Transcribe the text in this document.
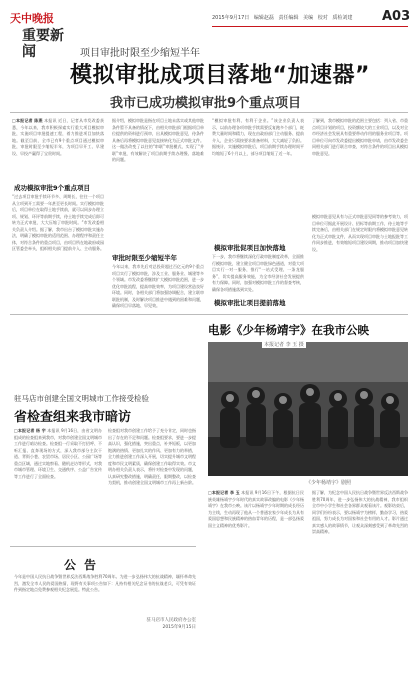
天中晚报
重要新闻
2015年9月17日 编辑赵磊 责任编辑 美编 校对 质检刘建	A03
项目审批时限至少缩短半年
模拟审批成项目落地“加速器”
我市已成功模拟审批9个重点项目
□本报记者 陈燕 本报讯 近日，记者从市发改委获悉，今年以来，我市积极探索实行重大项目模拟审批，实施项目审批提速工程，着力推进项目加快落地。截至目前，全市已有9个重点项目通过模拟审批，审批时限至少缩短半年，为项目早开工、早建设、早投产赢得了宝贵时间。
成功模拟审批9个重点项目
“过去项目审批手续环节多、周期长，往往一个项目从立项到开工需要一年甚至更长时间。实行模拟审批后，项目单位在取得土地手续前，就可以同步办理立项、规划、环评等前期手续，待土地手续完成后即可转为正式审批，大大压缩了审批时间。”市发改委相关负责人介绍。据了解，我市出台了模拟审批实施办法，明确了模拟审批的适用范围、办理程序和责任主体，对符合条件的重点项目，由项目所在地政府或园区管委会牵头，组织相关部门提前介入、主动服务。
据介绍，模拟审批是指在项目土地未落实或其他审批条件暂不具备的情况下，由相关审批部门根据项目单位提供的资料进行预审，出具模拟审批意见，待条件具备后再将模拟审批意见直接转化为正式审批文件。这一做法改变了以往的“串联”审批模式，实现了“并联”审批，有效解决了项目前期手续办理慢、落地难的问题。
审批时限至少缩短半年
今年以来，我市先后对总投资超过百亿元的9个重点项目实行了模拟审批，涉及工业、服务业、城建等多个领域。市发改委将继续扩大模拟审批范围，进一步优化审批流程，提高审批效率，为项目建设营造良好环境。同时，各相关部门将加强协调配合，建立联审联批机制，及时解决项目推进中遇到的困难和问题，确保项目早落地、早见效。
“模拟审批有利、有利于企业。”该企业负责人表示，以前办理各项审批手续需要反复跑多个部门，耗费大量时间和精力，现在由政府部门主动服务、提前介入，企业只需按要求准备材料，大大减轻了负担。据统计，实施模拟审批后，项目前期手续办理时间平均缩短了6个月以上，部分项目缩短了近一年。
模拟审批促项目加快落地
下一步，我市将继续深化行政审批制度改革，全面推行模拟审批，建立健全项目审批绿色通道，对重大项目实行一对一服务，推行“一站式受理、一条龙服务”，切实提高服务效能，为全市经济社会发展提供有力保障。同时，加强对模拟审批工作的督查考核，确保各项措施落到实处。
模拟审批让项目提前落地
了解到，我市模拟审批的范围主要包括：列入省、市重点项目计划的项目，投资额较大的工业项目，以及对全市经济社会发展具有重要带动作用的服务业项目等。项目单位可向市发改委提出模拟审批申请，由市发改委会同相关部门进行联合审查，对符合条件的项目出具模拟审批意见。
模拟审批意见具有与正式审批意见同等的参考效力，项目单位可据此开展设计、招标等前期工作，待土地等手续完备后，由相关部门在规定时限内将模拟审批意见转化为正式审批文件，从而实现项目审批与土地报批等工作同步推进，有效缩短项目建设周期，推动项目加快建设。
驻马店市创建全国文明城市工作接受检验
省检查组来我市暗访
□本报记者 杨 宇 本报讯 9月16日，由省文明办组成的检查组来到我市，对我市创建全国文明城市工作进行暗访检查。检查组一行采取不打招呼、不听汇报、直奔现场的方式，深入我市部分主次干道、背街小巷、农贸市场、居民小区、公园广场等重点区域，通过实地察看、随机走访等形式，对我市城市管理、环境卫生、交通秩序、公益广告宣传等工作进行了全面检查。
检查组对我市创建工作给予了充分肯定，同时也指出了存在的不足和问题。检查组要求，要进一步提高认识，强化措施，突出重点，补齐短板，以更加饱满的热情、更加扎实的作风、更加有力的举措，全力推进创建工作深入开展，切实提升城市文明程度和市民文明素质，确保创建工作取得实效。市文明办相关负责人表示，将针对检查中发现的问题，认真研究整改措施，明确责任，限期整改，以检查为契机，推动创建全国文明城市工作再上新台阶。
电影《少年杨靖宇》在我市公映
本报记者 李 玉 摄
《少年杨靖宇》剧照
□本报记者 李 玉 本报讯 9月16日下午，根据抗日民族英雄杨靖宇少年时代的真实故事改编的电影《少年杨靖宇》在我市公映。该片以杨靖宇少年时期的成长经历为主线，生动再现了他从一个普通农家少年成长为具有爱国思想和民族精神的热血青年的历程，是一部弘扬爱国主义精神的优秀影片。
据了解，为纪念中国人民抗日战争暨世界反法西斯战争胜利70周年，进一步弘扬伟大的抗战精神，我市组织全市中小学生和社会各界群众观看该片。观影结束后，同学们纷纷表示，要以杨靖宇为榜样，勤奋学习，热爱祖国，努力成长为对国家和社会有用的人才。影片通过真实感人的故事情节，让观众深刻感受到了革命先烈的崇高精神。
公告
今年是中国人民抗日战争暨世界反法西斯战争胜利70周年。为进一步弘扬伟大的抗战精神，缅怀革命先烈，激发全市人民的爱国热情，现将有关事项公告如下：凡持有相关纪念证书的抗战老兵，可凭有效证件到指定地点免费参观相关纪念展览。特此公告。
驻马店市人民政府办公室
2015年9月15日
